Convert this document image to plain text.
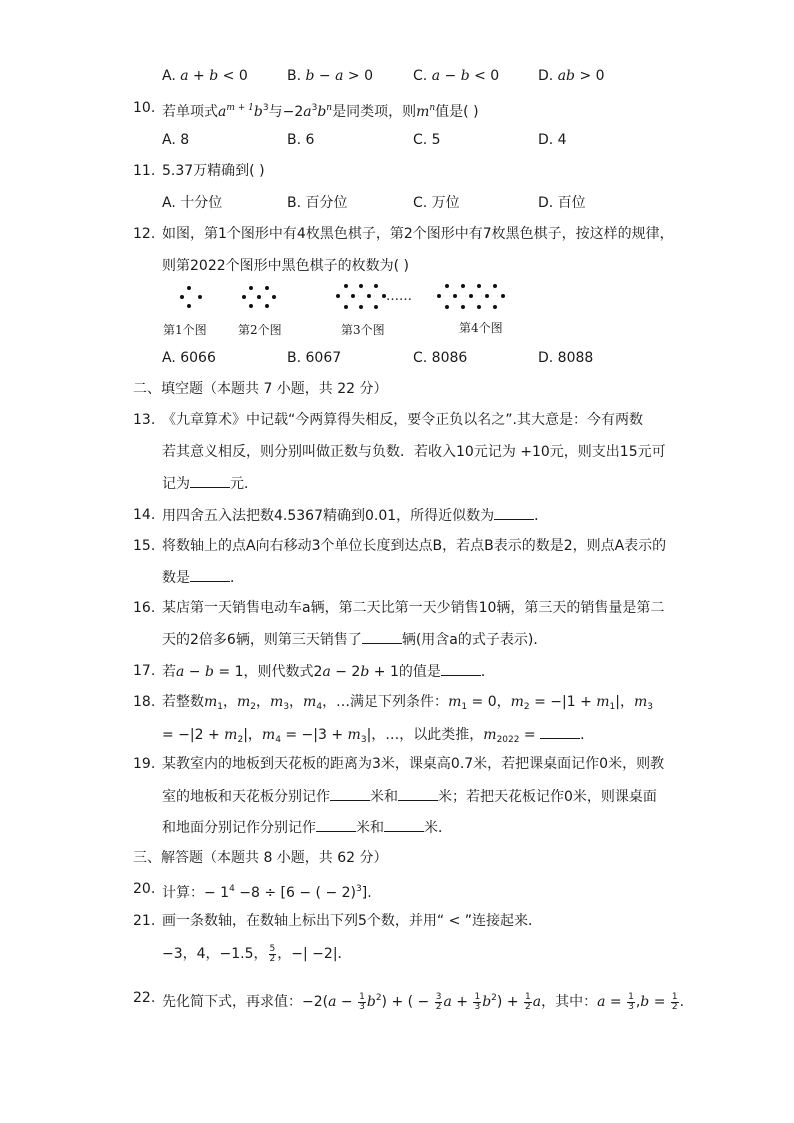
A. a + b < 0	B. b − a > 0	C. a − b < 0	D. ab > 0
10. 若单项式$a^{m + 1}b^3$与$-2a^3b^n$是同类项，则$m^n$值是( )
A. 8	B. 6	C. 5	D. 4
11. 5.37万精确到( )
A. 十分位	B. 百分位	C. 万位	D. 百位
12. 如图，第1个图形中有4枚黑色棋子，第2个图形中有7枚黑色棋子，按这样的规律，
则第2022个图形中黑色棋子的枚数为( )
……
第1个图	第2个图	第3个图	第4个图
A. 6066	B. 6067	C. 8086	D. 8088
二、填空题（本题共 7 小题，共 22 分）
13. 《九章算术》中记载“今两算得失相反，要令正负以名之”.其大意是：今有两数
若其意义相反，则分别叫做正数与负数．若收入10元记为 +10元，则支出15元可
记为	元．
14. 用四舍五入法把数4.5367精确到0.01，所得近似数为	．
15. 将数轴上的点A向右移动3个单位长度到达点B，若点B表示的数是2，则点A表示的
数是	．
16. 某店第一天销售电动车a辆，第二天比第一天少销售10辆，第三天的销售量是第二
天的2倍多6辆，则第三天销售了	辆(用含a的式子表示)．
17. 若a − b = 1，则代数式2a − 2b + 1的值是	．
18. 若整数$m_1$，$m_2$，$m_3$，$m_4$，…满足下列条件：$m_1 = 0$，$m_2 = -|1 + m_1|$，$m_3$
= $-|2 + m_2|$，$m_4 = -|3 + m_3|$，…，以此类推，$m_{2022}$ =	．
19. 某教室内的地板到天花板的距离为3米，课桌高0.7米，若把课桌面记作0米，则教
室的地板和天花板分别记作	米和	米；若把天花板记作0米，则课桌面
和地面分别记作分别记作	米和	米．
三、解答题（本题共 8 小题，共 62 分）
20. 计算：− $1^4 -8 \div [6$ − ( − 2)$^3$].
21. 画一条数轴，在数轴上标出下列5个数，并用“ < ”连接起来．
−3，4，−1.5， $\frac{5}{2}$ ，−| −2|．
22. 先化简下式，再求值：$-2(a - \frac{1}{3} b^2)$ + ( − $\frac{3}{2}$ $a + \frac{1}{3} b^2) + \frac{1}{2}$ a，其中：$a = \frac{1}{3} ,b = \frac{1}{2}$ .
